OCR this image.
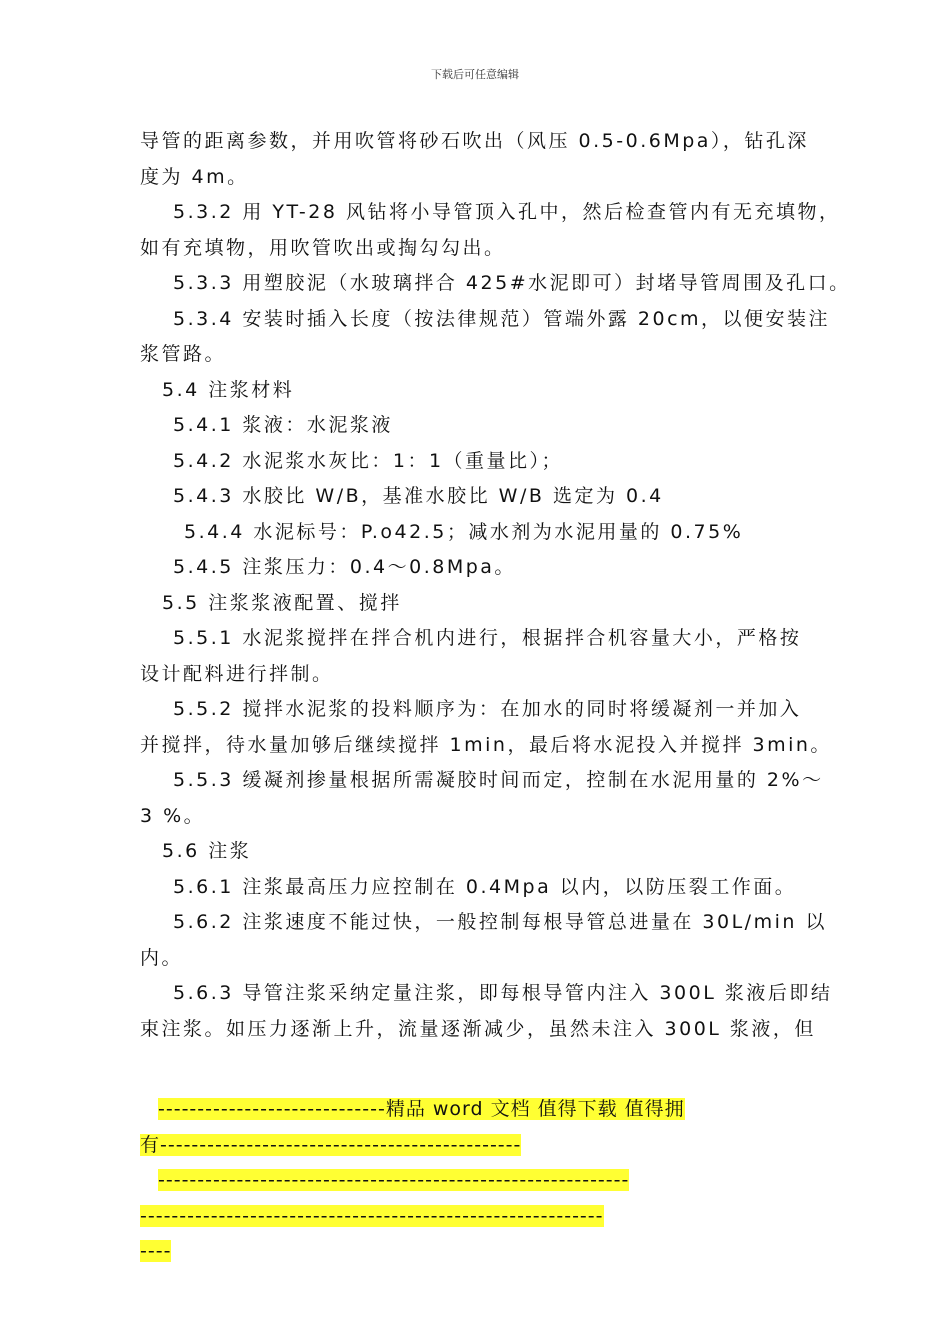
下载后可任意编辑

导管的距离参数，并用吹管将砂石吹出（风压 0.5-0.6Mpa），钻孔深

度为 4m。

5.3.2 用 YT-28 风钻将小导管顶入孔中，然后检查管内有无充填物，

如有充填物，用吹管吹出或掏勾勾出。

5.3.3 用塑胶泥（水玻璃拌合 425#水泥即可）封堵导管周围及孔口。

5.3.4 安装时插入长度（按法律规范）管端外露 20cm，以便安装注

浆管路。

5.4 注浆材料

5.4.1 浆液：水泥浆液

5.4.2 水泥浆水灰比：1：1（重量比）；

5.4.3 水胶比 W/B，基准水胶比 W/B 选定为 0.4

5.4.4 水泥标号：P.o42.5；减水剂为水泥用量的 0.75%

5.4.5 注浆压力：0.4～0.8Mpa。

5.5 注浆浆液配置、搅拌

5.5.1 水泥浆搅拌在拌合机内进行，根据拌合机容量大小，严格按

设计配料进行拌制。

5.5.2 搅拌水泥浆的投料顺序为：在加水的同时将缓凝剂一并加入

并搅拌，待水量加够后继续搅拌 1min，最后将水泥投入并搅拌 3min。

5.5.3 缓凝剂掺量根据所需凝胶时间而定，控制在水泥用量的 2%～

3 %。

5.6 注浆

5.6.1 注浆最高压力应控制在 0.4Mpa 以内，以防压裂工作面。

5.6.2 注浆速度不能过快，一般控制每根导管总进量在 30L/min 以

内。

5.6.3 导管注浆采纳定量注浆，即每根导管内注入 300L 浆液后即结

束注浆。如压力逐渐上升，流量逐渐减少，虽然未注入 300L 浆液，但

-----------------------------精品 word 文档 值得下载 值得拥

有----------------------------------------------

------------------------------------------------------------

-----------------------------------------------------------

----
